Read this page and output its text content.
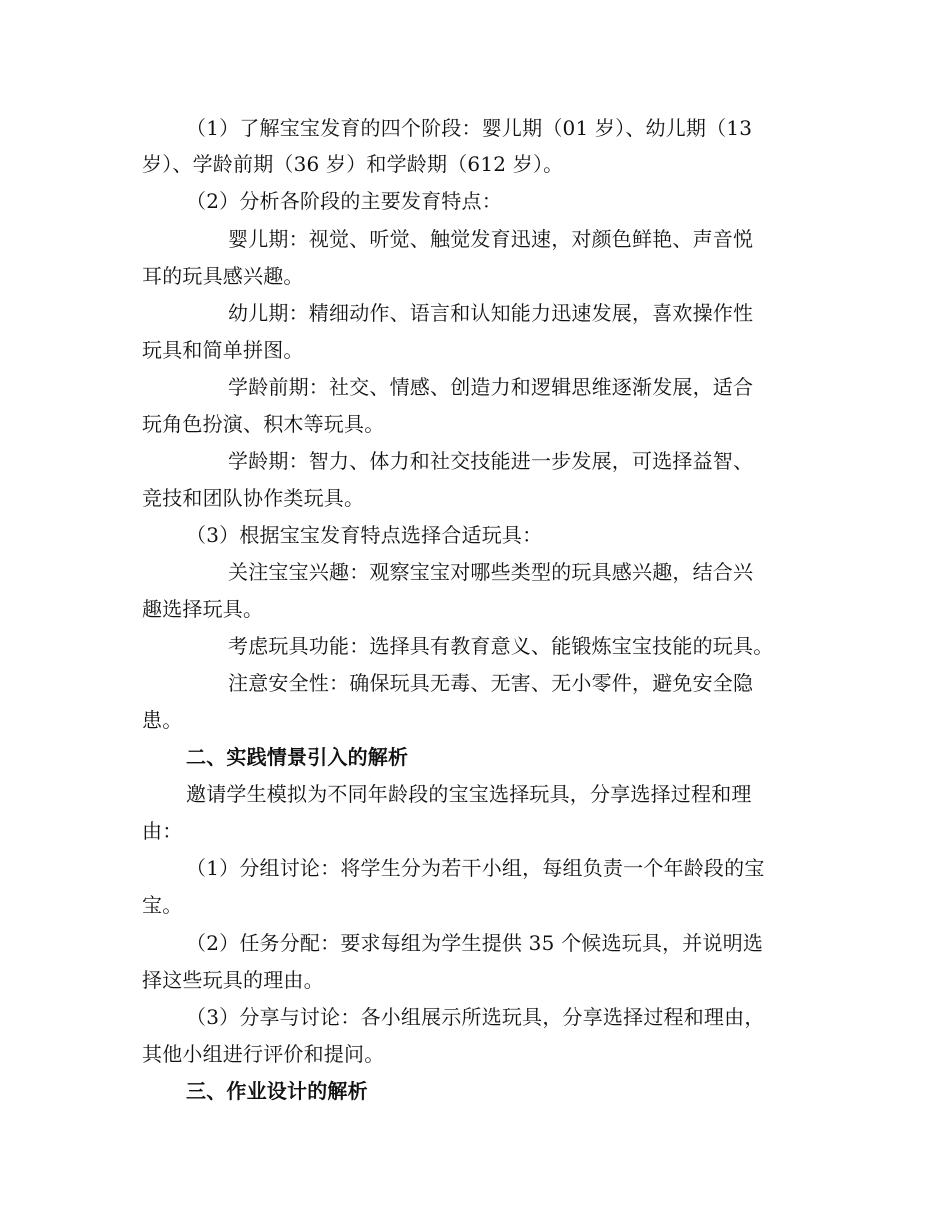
（1）了解宝宝发育的四个阶段：婴儿期（01 岁）、幼儿期（13
岁）、学龄前期（36 岁）和学龄期（612 岁）。
（2）分析各阶段的主要发育特点：
婴儿期：视觉、听觉、触觉发育迅速，对颜色鲜艳、声音悦
耳的玩具感兴趣。
幼儿期：精细动作、语言和认知能力迅速发展，喜欢操作性
玩具和简单拼图。
学龄前期：社交、情感、创造力和逻辑思维逐渐发展，适合
玩角色扮演、积木等玩具。
学龄期：智力、体力和社交技能进一步发展，可选择益智、
竞技和团队协作类玩具。
（3）根据宝宝发育特点选择合适玩具：
关注宝宝兴趣：观察宝宝对哪些类型的玩具感兴趣，结合兴
趣选择玩具。
考虑玩具功能：选择具有教育意义、能锻炼宝宝技能的玩具。
注意安全性：确保玩具无毒、无害、无小零件，避免安全隐
患。
二、实践情景引入的解析
邀请学生模拟为不同年龄段的宝宝选择玩具，分享选择过程和理
由：
（1）分组讨论：将学生分为若干小组，每组负责一个年龄段的宝
宝。
（2）任务分配：要求每组为学生提供 35 个候选玩具，并说明选
择这些玩具的理由。
（3）分享与讨论：各小组展示所选玩具，分享选择过程和理由，
其他小组进行评价和提问。
三、作业设计的解析
